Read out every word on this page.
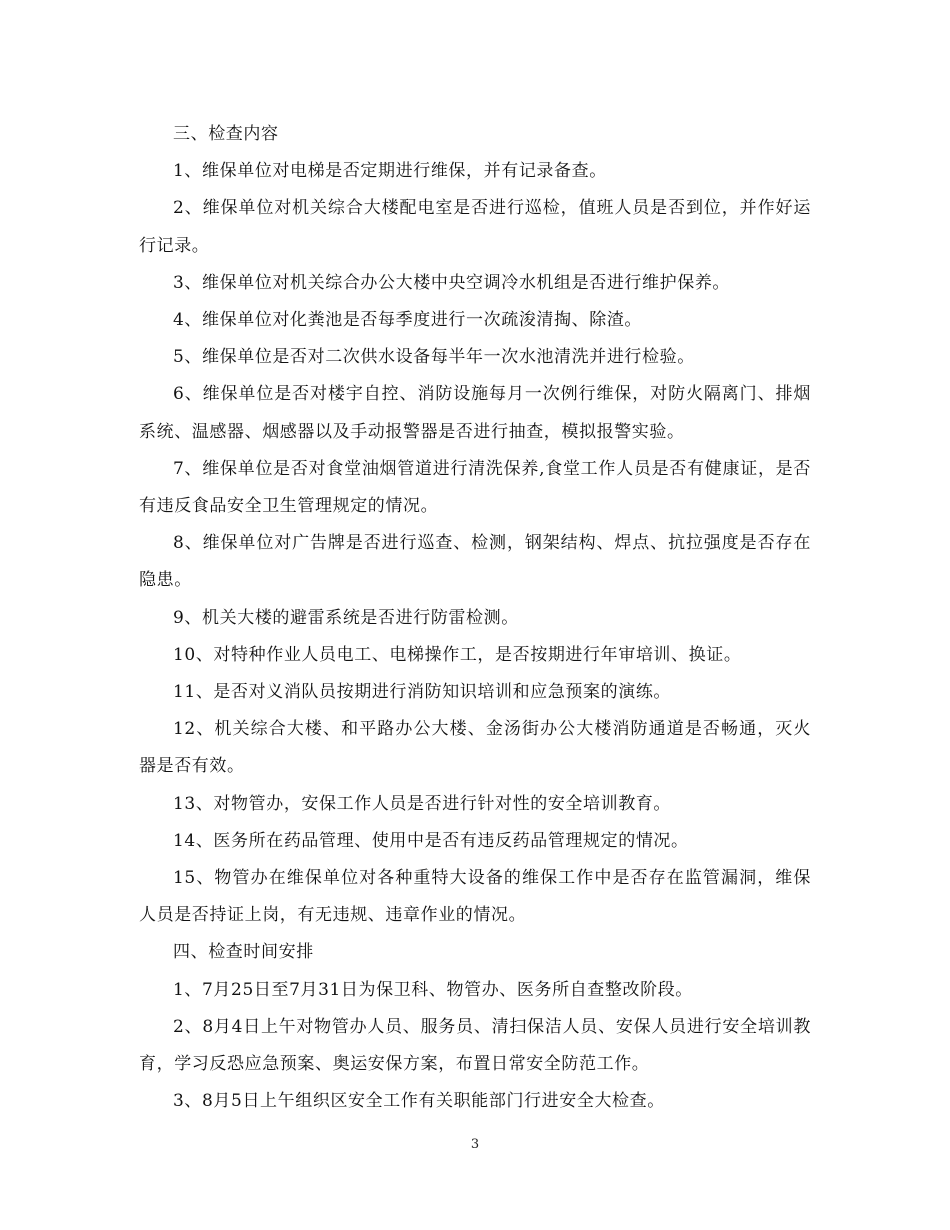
三、检查内容

1、维保单位对电梯是否定期进行维保，并有记录备查。

2、维保单位对机关综合大楼配电室是否进行巡检，值班人员是否到位，并作好运行记录。

3、维保单位对机关综合办公大楼中央空调冷水机组是否进行维护保养。

4、维保单位对化粪池是否每季度进行一次疏浚清掏、除渣。

5、维保单位是否对二次供水设备每半年一次水池清洗并进行检验。

6、维保单位是否对楼宇自控、消防设施每月一次例行维保，对防火隔离门、排烟系统、温感器、烟感器以及手动报警器是否进行抽查，模拟报警实验。

7、维保单位是否对食堂油烟管道进行清洗保养,食堂工作人员是否有健康证，是否有违反食品安全卫生管理规定的情况。

8、维保单位对广告牌是否进行巡查、检测，钢架结构、焊点、抗拉强度是否存在隐患。

9、机关大楼的避雷系统是否进行防雷检测。

10、对特种作业人员电工、电梯操作工，是否按期进行年审培训、换证。

11、是否对义消队员按期进行消防知识培训和应急预案的演练。

12、机关综合大楼、和平路办公大楼、金汤街办公大楼消防通道是否畅通，灭火器是否有效。

13、对物管办，安保工作人员是否进行针对性的安全培训教育。

14、医务所在药品管理、使用中是否有违反药品管理规定的情况。

15、物管办在维保单位对各种重特大设备的维保工作中是否存在监管漏洞，维保人员是否持证上岗，有无违规、违章作业的情况。

四、检查时间安排

1、7月25日至7月31日为保卫科、物管办、医务所自查整改阶段。

2、8月4日上午对物管办人员、服务员、清扫保洁人员、安保人员进行安全培训教育，学习反恐应急预案、奥运安保方案，布置日常安全防范工作。

3、8月5日上午组织区安全工作有关职能部门行进安全大检查。

3
